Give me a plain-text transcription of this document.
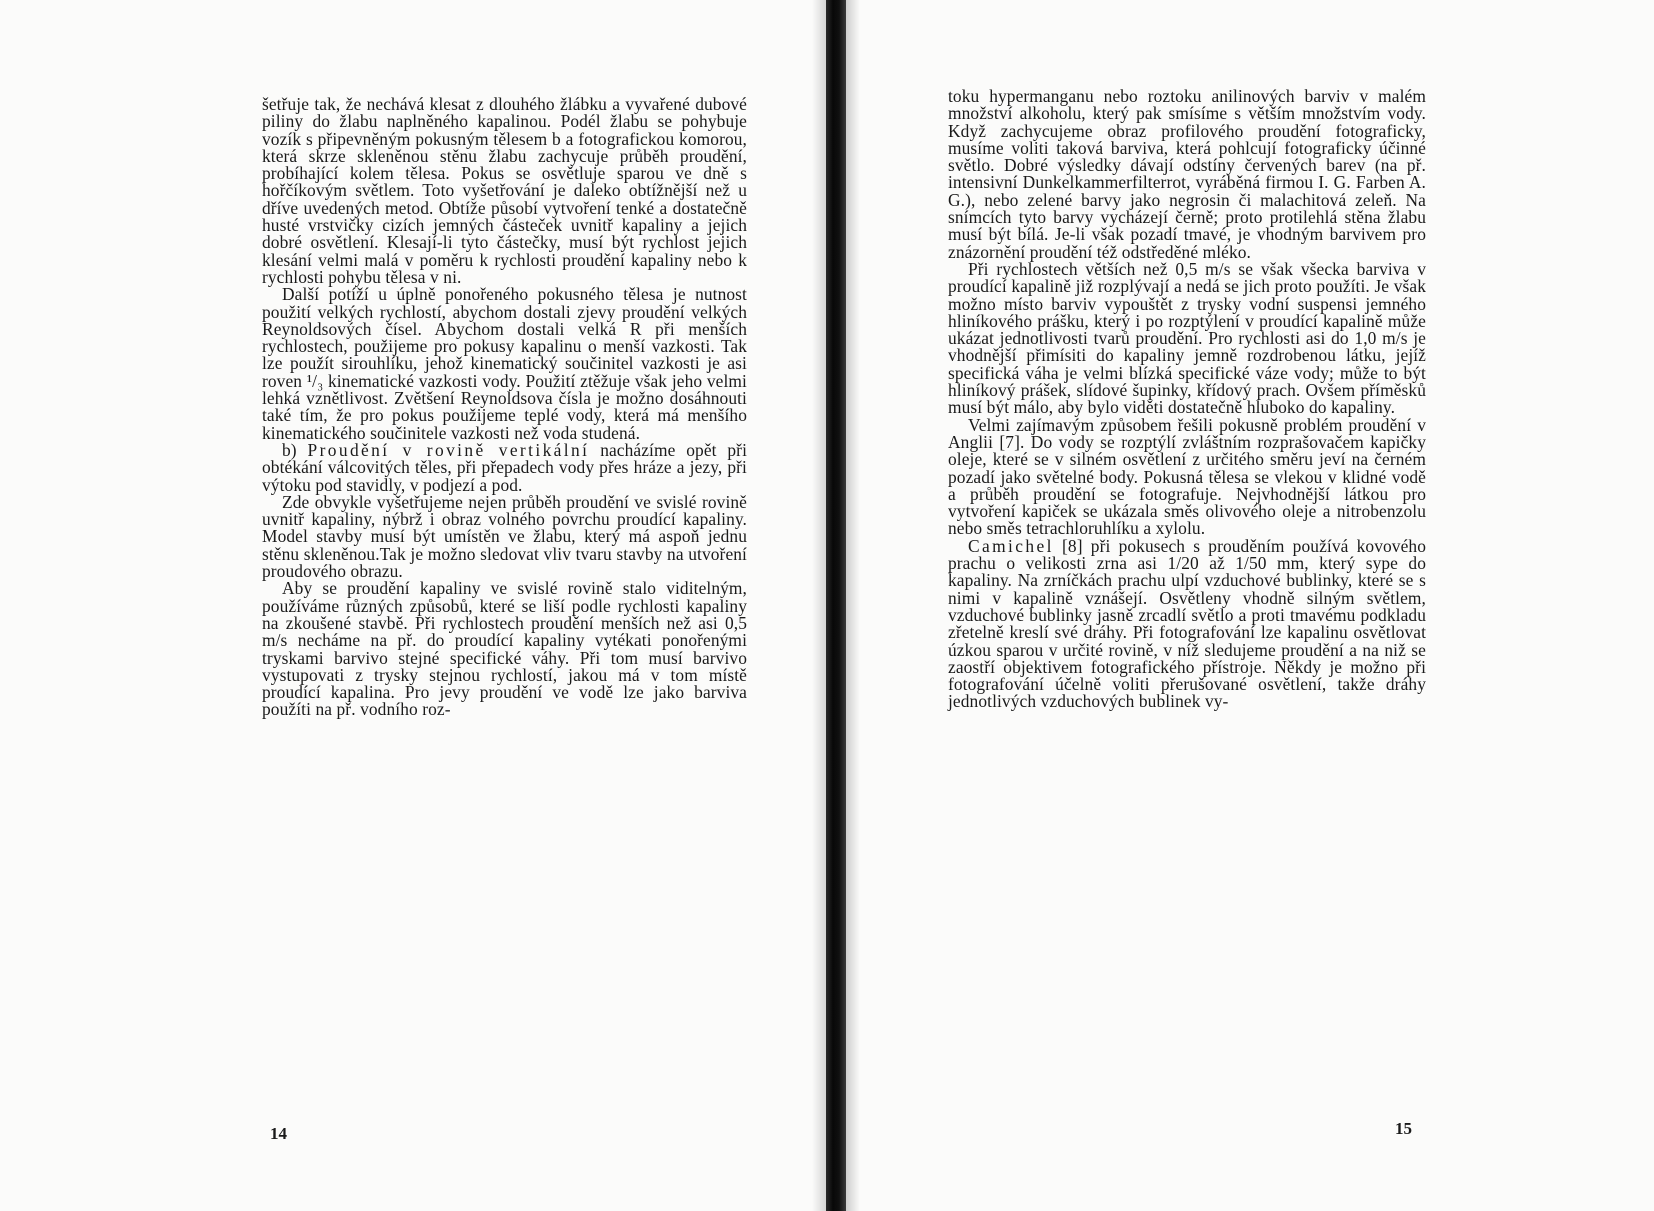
šetřuje tak, že nechává klesat z dlouhého žlábku a vyvařené dubové piliny do žlabu naplněného kapalinou. Podél žlabu se pohybuje vozík s připevněným pokusným tělesem b a fotografickou komorou, která skrze skleněnou stěnu žlabu zachycuje průběh proudění, probíhající kolem tělesa. Pokus se osvětluje sparou ve dně s hořčíkovým světlem. Toto vyšetřování je daleko obtížnější než u dříve uvedených metod. Obtíže působí vytvoření tenké a dostatečně husté vrstvičky cizích jemných částeček uvnitř kapaliny a jejich dobré osvětlení. Klesají-li tyto částečky, musí být rychlost jejich klesání velmi malá v poměru k rychlosti proudění kapaliny nebo k rychlosti pohybu tělesa v ni.

Další potíží u úplně ponořeného pokusného tělesa je nutnost použití velkých rychlostí, abychom dostali zjevy proudění velkých Reynoldsových čísel. Abychom dostali velká R při menších rychlostech, použijeme pro pokusy kapalinu o menší vazkosti. Tak lze použít sirouhlíku, jehož kinematický součinitel vazkosti je asi roven ¹/₃ kinematické vazkosti vody. Použití ztěžuje však jeho velmi lehká vznětlivost. Zvětšení Reynoldsova čísla je možno dosáhnouti také tím, že pro pokus použijeme teplé vody, která má menšího kinematického součinitele vazkosti než voda studená.

b) Proudění v rovině vertikální nacházíme opět při obtékání válcovitých těles, při přepadech vody přes hráze a jezy, při výtoku pod stavidly, v podjezí a pod.

Zde obvykle vyšetřujeme nejen průběh proudění ve svislé rovině uvnitř kapaliny, nýbrž i obraz volného povrchu proudící kapaliny. Model stavby musí být umístěn ve žlabu, který má aspoň jednu stěnu skleněnou.Tak je možno sledovat vliv tvaru stavby na utvoření proudového obrazu.

Aby se proudění kapaliny ve svislé rovině stalo viditelným, používáme různých způsobů, které se liší podle rychlosti kapaliny na zkoušené stavbě. Při rychlostech proudění menších než asi 0,5 m/s necháme na př. do proudící kapaliny vytékati ponořenými tryskami barvivo stejné specifické váhy. Při tom musí barvivo vystupovati z trysky stejnou rychlostí, jakou má v tom místě proudící kapalina. Pro jevy proudění ve vodě lze jako barviva použíti na př. vodního roz-

14

toku hypermanganu nebo roztoku anilinových barviv v malém množství alkoholu, který pak smísíme s větším množstvím vody. Když zachycujeme obraz profilového proudění fotograficky, musíme voliti taková barviva, která pohlcují fotograficky účinné světlo. Dobré výsledky dávají odstíny červených barev (na př. intensivní Dunkelkammerfilterrot, vyráběná firmou I. G. Farben A. G.), nebo zelené barvy jako negrosin či malachitová zeleň. Na snímcích tyto barvy vycházejí černě; proto protilehlá stěna žlabu musí být bílá. Je-li však pozadí tmavé, je vhodným barvivem pro znázornění proudění též odstředěné mléko.

Při rychlostech větších než 0,5 m/s se však všecka barviva v proudící kapalině již rozplývají a nedá se jich proto použíti. Je však možno místo barviv vypouštět z trysky vodní suspensi jemného hliníkového prášku, který i po rozptýlení v proudící kapalině může ukázat jednotlivosti tvarů proudění. Pro rychlosti asi do 1,0 m/s je vhodnější přimísiti do kapaliny jemně rozdrobenou látku, jejíž specifická váha je velmi blízká specifické váze vody; může to být hliníkový prášek, slídové šupinky, křídový prach. Ovšem příměsků musí být málo, aby bylo viděti dostatečně hluboko do kapaliny.

Velmi zajímavým způsobem řešili pokusně problém proudění v Anglii [7]. Do vody se rozptýlí zvláštním rozprašovačem kapičky oleje, které se v silném osvětlení z určitého směru jeví na černém pozadí jako světelné body. Pokusná tělesa se vlekou v klidné vodě a průběh proudění se fotografuje. Nejvhodnější látkou pro vytvoření kapiček se ukázala směs olivového oleje a nitrobenzolu nebo směs tetrachloruhlíku a xylolu.

Camichel [8] při pokusech s prouděním používá kovového prachu o velikosti zrna asi 1/20 až 1/50 mm, který sype do kapaliny. Na zrníčkách prachu ulpí vzduchové bublinky, které se s nimi v kapalině vznášejí. Osvětleny vhodně silným světlem, vzduchové bublinky jasně zrcadlí světlo a proti tmavému podkladu zřetelně kreslí své dráhy. Při fotografování lze kapalinu osvětlovat úzkou sparou v určité rovině, v níž sledujeme proudění a na niž se zaostří objektivem fotografického přístroje. Někdy je možno při fotografování účelně voliti přerušované osvětlení, takže dráhy jednotlivých vzduchových bublinek vy-

15
